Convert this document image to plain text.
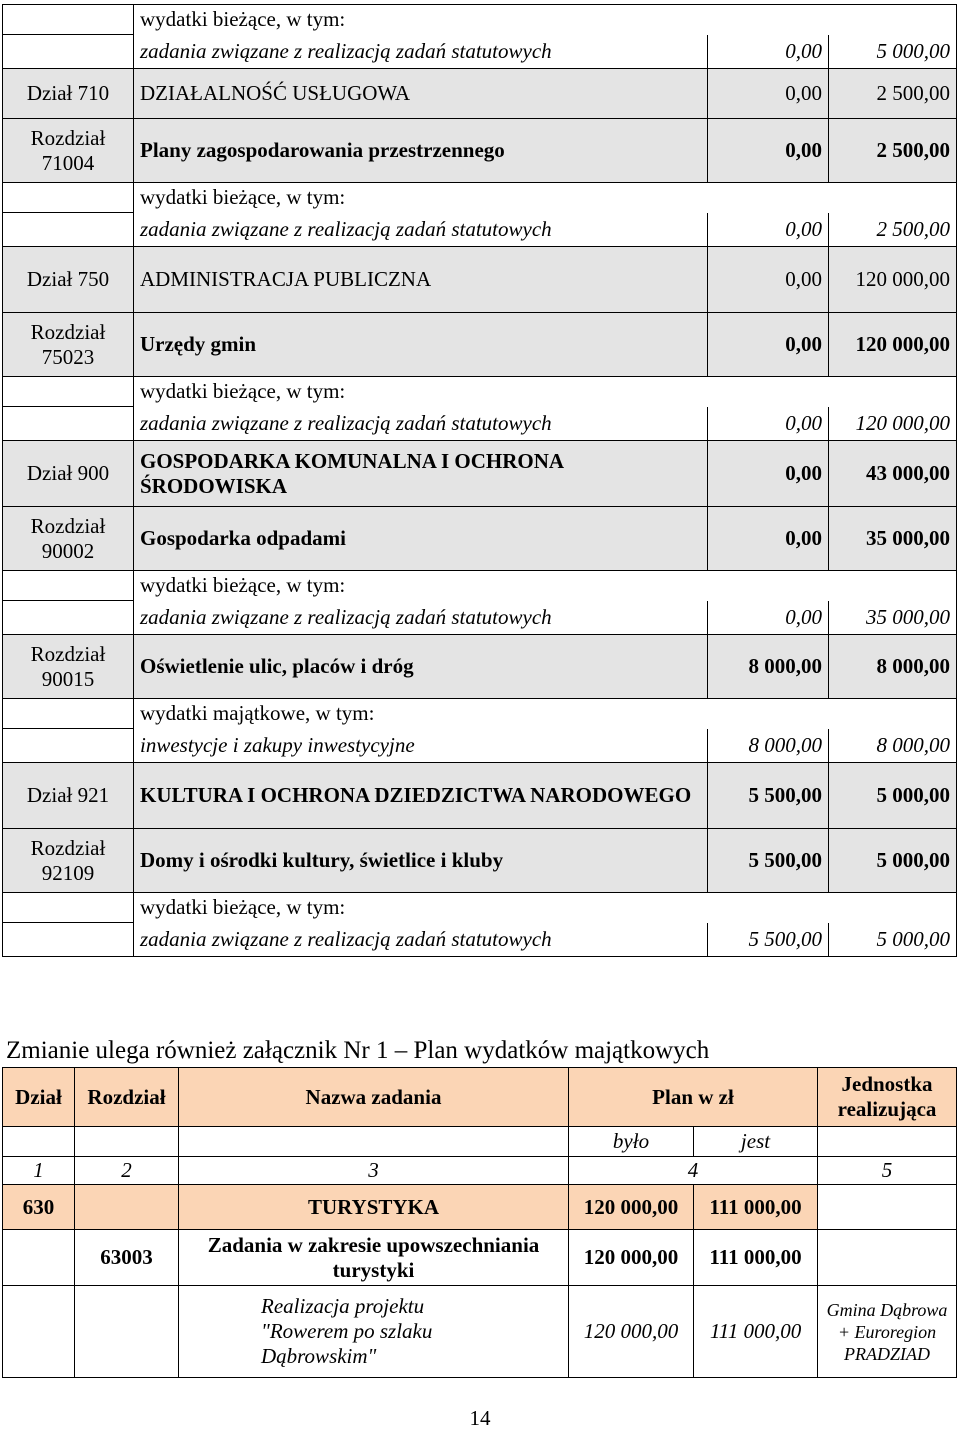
	wydatki bieżące, w tym:		
	zadania związane z realizacją zadań statutowych	0,00	5 000,00
Dział 710	DZIAŁALNOŚĆ USŁUGOWA	0,00	2 500,00
Rozdział 71004	Plany zagospodarowania przestrzennego	0,00	2 500,00
	wydatki bieżące, w tym:		
	zadania związane z realizacją zadań statutowych	0,00	2 500,00
Dział 750	ADMINISTRACJA PUBLICZNA	0,00	120 000,00
Rozdział 75023	Urzędy gmin	0,00	120 000,00
	wydatki bieżące, w tym:		
	zadania związane z realizacją zadań statutowych	0,00	120 000,00
Dział 900	GOSPODARKA KOMUNALNA I OCHRONA ŚRODOWISKA	0,00	43 000,00
Rozdział 90002	Gospodarka odpadami	0,00	35 000,00
	wydatki bieżące, w tym:		
	zadania związane z realizacją zadań statutowych	0,00	35 000,00
Rozdział 90015	Oświetlenie ulic, placów i dróg	8 000,00	8 000,00
	wydatki majątkowe, w tym:		
	inwestycje i zakupy inwestycyjne	8 000,00	8 000,00
Dział 921	KULTURA I OCHRONA DZIEDZICTWA NARODOWEGO	5 500,00	5 000,00
Rozdział 92109	Domy i ośrodki kultury, świetlice i kluby	5 500,00	5 000,00
	wydatki bieżące, w tym:		
	zadania związane z realizacją zadań statutowych	5 500,00	5 000,00
Zmianie ulega również załącznik Nr 1 – Plan wydatków majątkowych
Dział	Rozdział	Nazwa zadania	Plan w zł		Jednostka realizująca
			było	jest	
1	2	3	4		5
630		TURYSTYKA	120 000,00	111 000,00	
	63003	Zadania w zakresie upowszechniania turystyki	120 000,00	111 000,00	
		Realizacja projektu "Rowerem po szlaku Dąbrowskim"	120 000,00	111 000,00	Gmina Dąbrowa + Euroregion PRADZIAD
14
